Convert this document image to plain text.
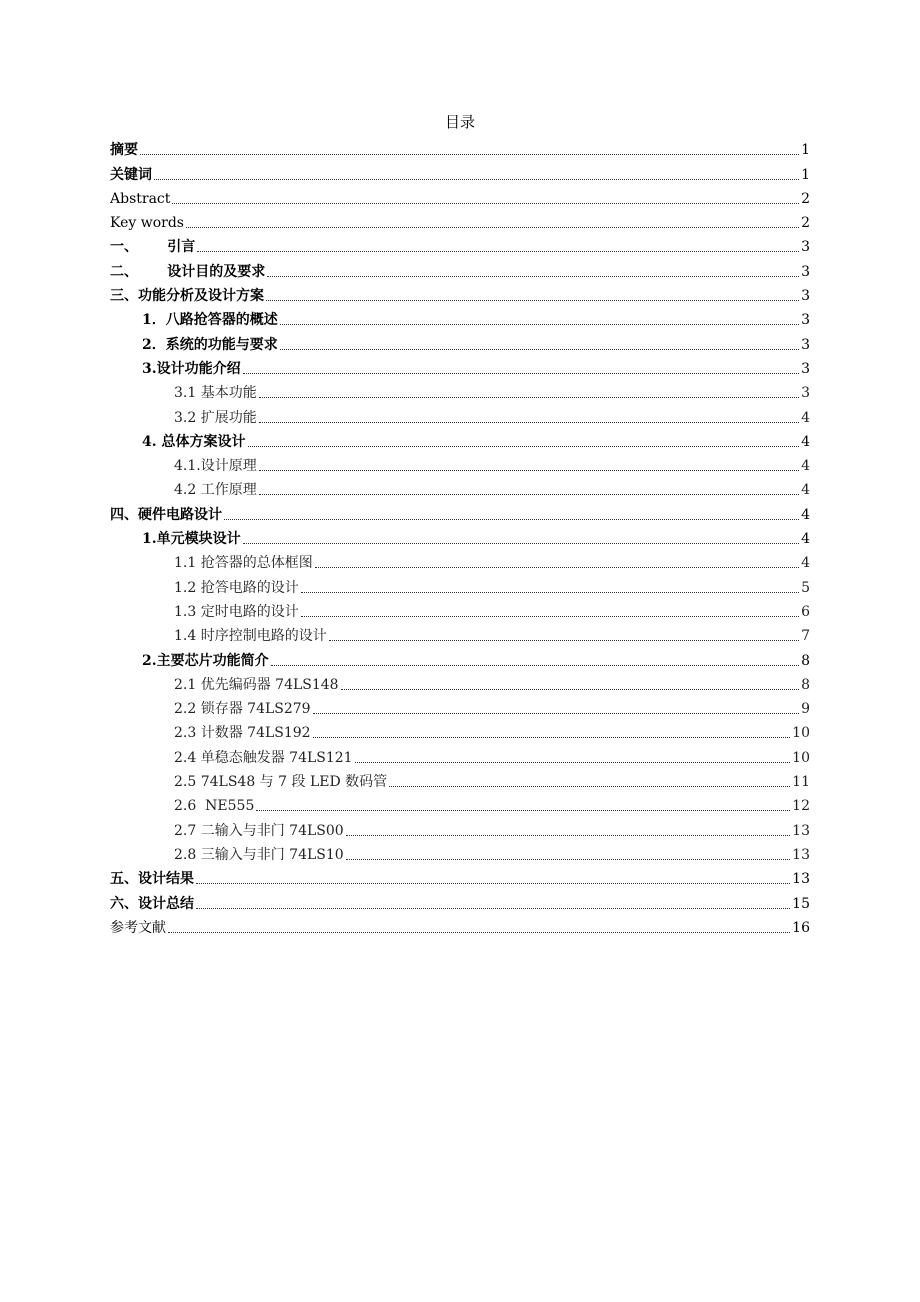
目录
摘要	1
关键词	1
Abstract	2
Key words	2
一、      引言	3
二、      设计目的及要求	3
三、功能分析及设计方案	3
1．八路抢答器的概述	3
2．系统的功能与要求	3
3.设计功能介绍	3
3.1 基本功能	3
3.2 扩展功能	4
4. 总体方案设计	4
4.1.设计原理	4
4.2 工作原理	4
四、硬件电路设计	4
1.单元模块设计	4
1.1 抢答器的总体框图	4
1.2 抢答电路的设计	5
1.3 定时电路的设计	6
1.4 时序控制电路的设计	7
2.主要芯片功能简介	8
2.1 优先编码器 74LS148	8
2.2 锁存器 74LS279	9
2.3 计数器 74LS192	10
2.4 单稳态触发器 74LS121	10
2.5 74LS48 与 7 段 LED 数码管	11
2.6  NE555	12
2.7 二输入与非门 74LS00	13
2.8 三输入与非门 74LS10	13
五、设计结果	13
六、设计总结	15
参考文献	16
